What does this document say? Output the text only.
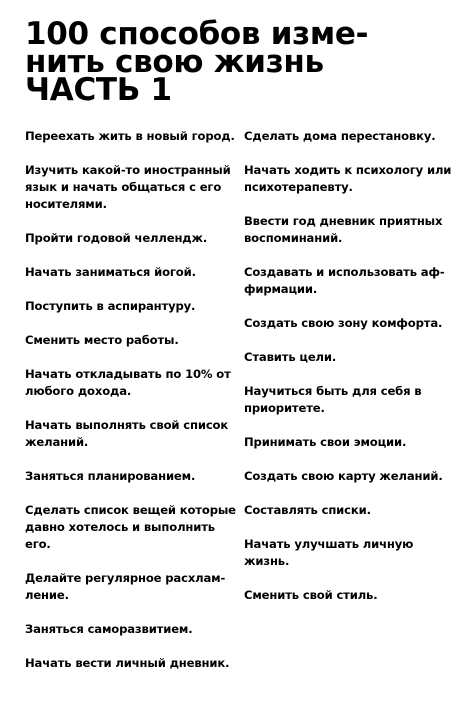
100 способов изме-
нить свою жизнь
ЧАСТЬ 1

Переехать жить в новый город.

Изучить какой-то иностранный
язык и начать общаться с его
носителями.

Пройти годовой челлендж.

Начать заниматься йогой.

Поступить в аспирантуру.

Сменить место работы.

Начать откладывать по 10% от
любого дохода.

Начать выполнять свой список
желаний.

Заняться планированием.

Сделать список вещей которые
давно хотелось и выполнить
его.

Делайте регулярное расхлам-
ление.

Заняться саморазвитием.

Начать вести личный дневник.

Сделать дома перестановку.

Начать ходить к психологу или
психотерапевту.

Ввести год дневник приятных
воспоминаний.

Создавать и использовать аф-
фирмации.

Создать свою зону комфорта.

Ставить цели.

Научиться быть для себя в
приоритете.

Принимать свои эмоции.

Создать свою карту желаний.

Составлять списки.

Начать улучшать личную
жизнь.

Сменить свой стиль.
